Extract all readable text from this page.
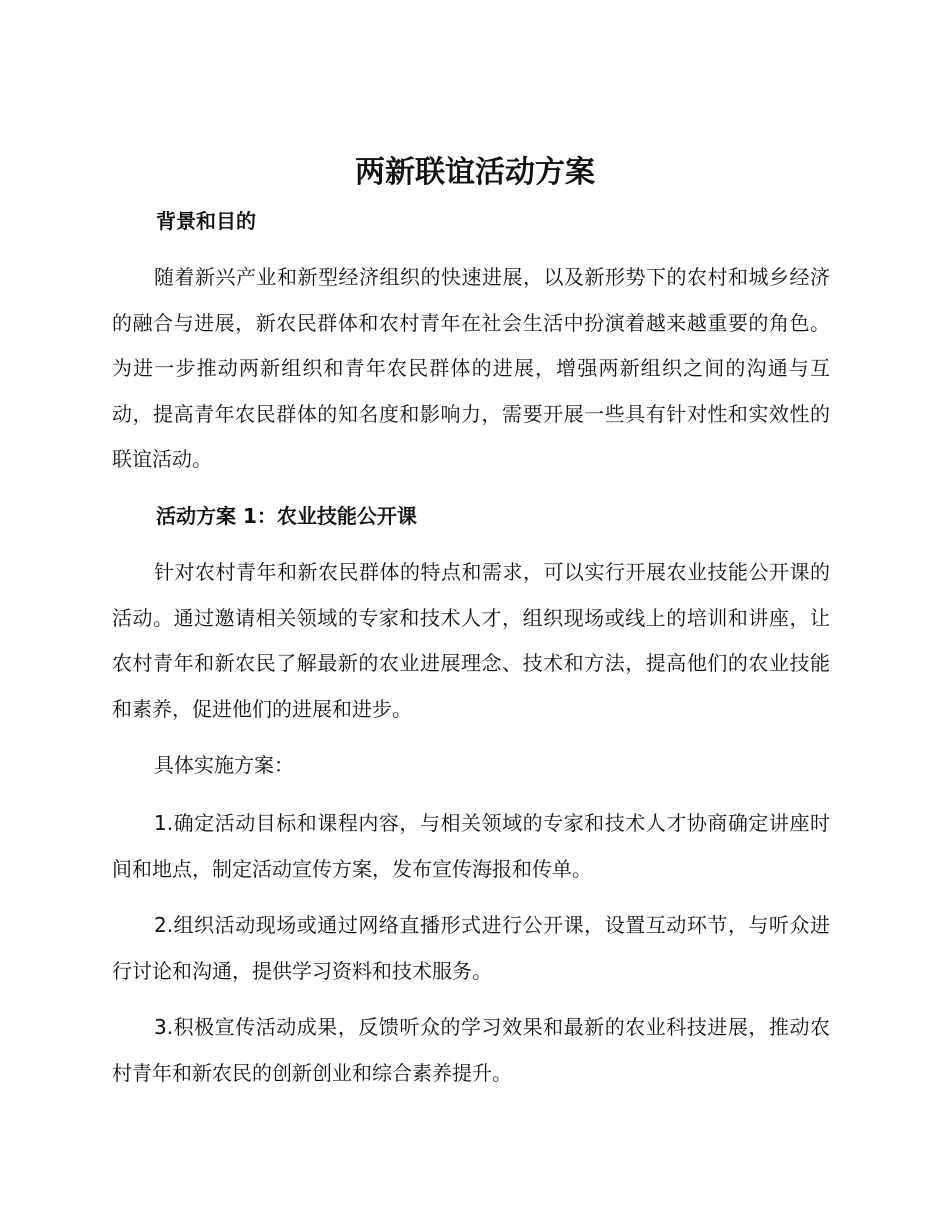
两新联谊活动方案
背景和目的

随着新兴产业和新型经济组织的快速进展，以及新形势下的农村和城乡经济的融合与进展，新农民群体和农村青年在社会生活中扮演着越来越重要的角色。为进一步推动两新组织和青年农民群体的进展，增强两新组织之间的沟通与互动，提高青年农民群体的知名度和影响力，需要开展一些具有针对性和实效性的联谊活动。

活动方案 1：农业技能公开课

针对农村青年和新农民群体的特点和需求，可以实行开展农业技能公开课的活动。通过邀请相关领域的专家和技术人才，组织现场或线上的培训和讲座，让农村青年和新农民了解最新的农业进展理念、技术和方法，提高他们的农业技能和素养，促进他们的进展和进步。

具体实施方案：

1.确定活动目标和课程内容，与相关领域的专家和技术人才协商确定讲座时间和地点，制定活动宣传方案，发布宣传海报和传单。

2.组织活动现场或通过网络直播形式进行公开课，设置互动环节，与听众进行讨论和沟通，提供学习资料和技术服务。

3.积极宣传活动成果，反馈听众的学习效果和最新的农业科技进展，推动农村青年和新农民的创新创业和综合素养提升。
